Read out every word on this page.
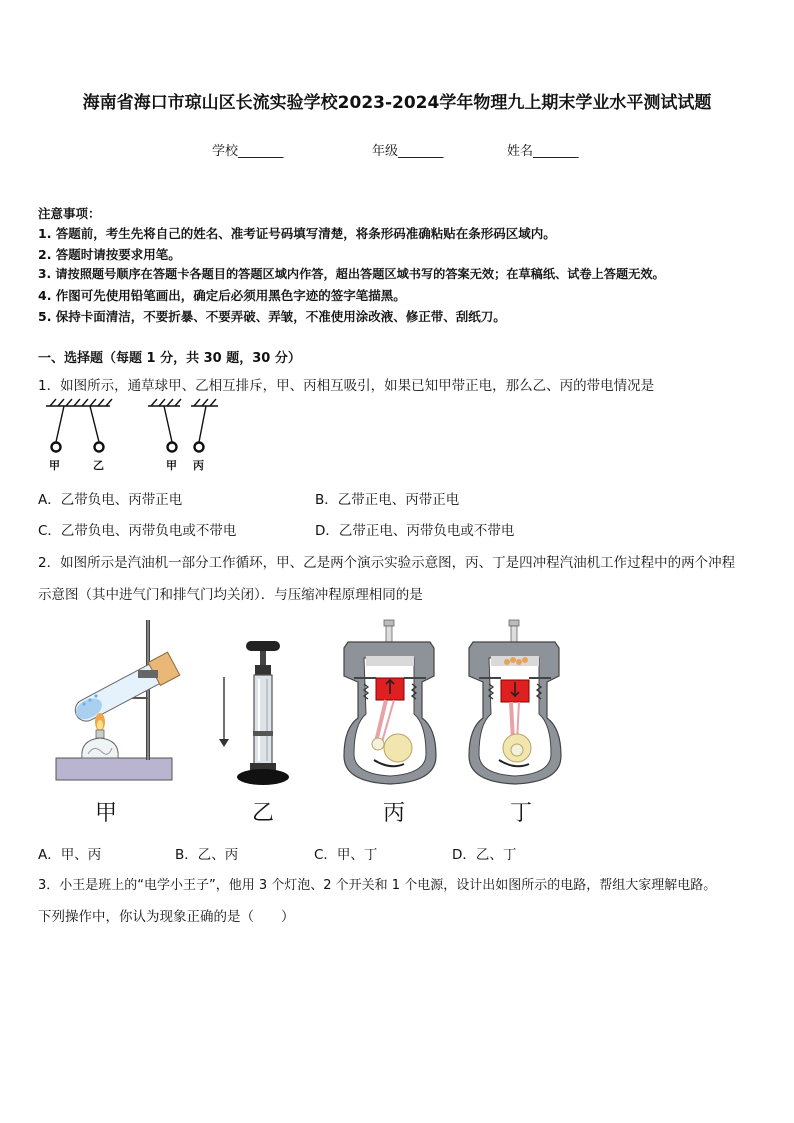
海南省海口市琼山区长流实验学校2023-2024学年物理九上期末学业水平测试试题
学校_______	年级_______	姓名_______
注意事项：
1. 答题前，考生先将自己的姓名、准考证号码填写清楚，将条形码准确粘贴在条形码区域内。
2. 答题时请按要求用笔。
3. 请按照题号顺序在答题卡各题目的答题区域内作答，超出答题区域书写的答案无效；在草稿纸、试卷上答题无效。
4. 作图可先使用铅笔画出，确定后必须用黑色字迹的签字笔描黑。
5. 保持卡面清洁，不要折暴、不要弄破、弄皱，不准使用涂改液、修正带、刮纸刀。
一、选择题（每题 1 分，共 30 题，30 分）
1．如图所示，通草球甲、乙相互排斥，甲、丙相互吸引，如果已知甲带正电，那么乙、丙的带电情况是
甲	乙	甲 丙
A．乙带负电、丙带正电	B．乙带正电、丙带正电
C．乙带负电、丙带负电或不带电	D．乙带正电、丙带负电或不带电
2．如图所示是汽油机一部分工作循环，甲、乙是两个演示实验示意图，丙、丁是四冲程汽油机工作过程中的两个冲程
示意图（其中进气门和排气门均关闭）．与压缩冲程原理相同的是
甲	乙	丙	丁
A．甲、丙	B．乙、丙	C．甲、丁	D．乙、丁
3．小王是班上的“电学小王子”，他用 3 个灯泡、2 个开关和 1 个电源，设计出如图所示的电路，帮组大家理解电路。
下列操作中，你认为现象正确的是（　　）
